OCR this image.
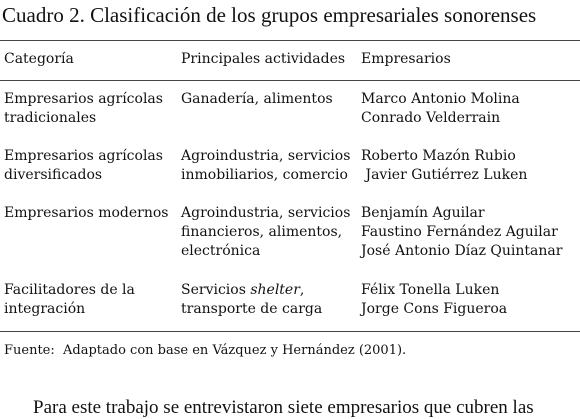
Cuadro 2. Clasificación de los grupos empresariales sonorenses
Categoría	Principales actividades Empresarios
Empresarios agrícolas
tradicionales
Ganadería, alimentos Marco Antonio Molina
Conrado Velderrain
Empresarios agrícolas
diversificados
Agroindustria, servicios
inmobiliarios, comercio
Roberto Mazón Rubio
Javier Gutiérrez Luken
Empresarios modernos Agroindustria, servicios
financieros, alimentos,
electrónica
Benjamín Aguilar
Faustino Fernández Aguilar
José Antonio Díaz Quintanar
Facilitadores de la
integración
Servicios shelter,
transporte de carga
Félix Tonella Luken
Jorge Cons Figueroa
Fuente:  Adaptado con base en Vázquez y Hernández (2001).
Para este trabajo se entrevistaron siete empresarios que cubren las
